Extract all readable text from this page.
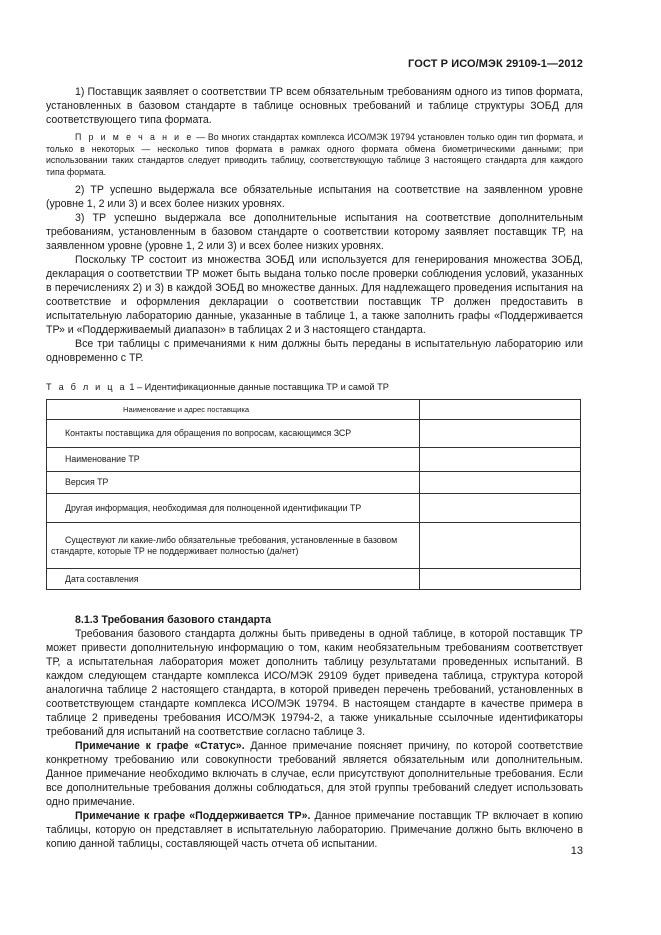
ГОСТ Р ИСО/МЭК 29109-1—2012

1) Поставщик заявляет о соответствии ТР всем обязательным требованиям одного из типов формата, установленных в базовом стандарте в таблице основных требований и таблице структуры ЗОБД для соответствующего типа формата.

П р и м е ч а н и е — Во многих стандартах комплекса ИСО/МЭК 19794 установлен только один тип формата, и только в некоторых — несколько типов формата в рамках одного формата обмена биометрическими данными; при использовании таких стандартов следует приводить таблицу, соответствующую таблице 3 настоящего стандарта для каждого типа формата.

2) ТР успешно выдержала все обязательные испытания на соответствие на заявленном уровне (уровне 1, 2 или 3) и всех более низких уровнях.

3) ТР успешно выдержала все дополнительные испытания на соответствие дополнительным требованиям, установленным в базовом стандарте о соответствии которому заявляет поставщик ТР, на заявленном уровне (уровне 1, 2 или 3) и всех более низких уровнях.

Поскольку ТР состоит из множества ЗОБД или используется для генерирования множества ЗОБД, декларация о соответствии ТР может быть выдана только после проверки соблюдения условий, указанных в перечислениях 2) и 3) в каждой ЗОБД во множестве данных. Для надлежащего проведения испытания на соответствие и оформления декларации о соответствии поставщик ТР должен предоставить в испытательную лабораторию данные, указанные в таблице 1, а также заполнить графы «Поддерживается ТР» и «Поддерживаемый диапазон» в таблицах 2 и 3 настоящего стандарта.

Все три таблицы с примечаниями к ним должны быть переданы в испытательную лабораторию или одновременно с ТР.

Т а б л и ц а 1 – Идентификационные данные поставщика ТР и самой ТР
Наименование и адрес поставщика	
Контакты поставщика для обращения по вопросам, касающимся ЗСР	
Наименование ТР	
Версия ТР	

Другая информация, необходимая для полноценной идентификации ТР	

Существуют ли какие-либо обязательные требования, установленные в базовом стандарте, которые ТР не поддерживает полностью (да/нет)	

Дата составления	

8.1.3 Требования базового стандарта

Требования базового стандарта должны быть приведены в одной таблице, в которой поставщик ТР может привести дополнительную информацию о том, каким необязательным требованиям соответствует ТР, а испытательная лаборатория может дополнить таблицу результатами проведенных испытаний. В каждом следующем стандарте комплекса ИСО/МЭК 29109 будет приведена таблица, структура которой аналогична таблице 2 настоящего стандарта, в которой приведен перечень требований, установленных в соответствующем стандарте комплекса ИСО/МЭК 19794. В настоящем стандарте в качестве примера в таблице 2 приведены требования ИСО/МЭК 19794-2, а также уникальные ссылочные идентификаторы требований для испытаний на соответствие согласно таблице 3.

Примечание к графе «Статус». Данное примечание поясняет причину, по которой соответствие конкретному требованию или совокупности требований является обязательным или дополнительным. Данное примечание необходимо включать в случае, если присутствуют дополнительные требования. Если все дополнительные требования должны соблюдаться, для этой группы требований следует использовать одно примечание.

Примечание к графе «Поддерживается ТР». Данное примечание поставщик ТР включает в копию таблицы, которую он представляет в испытательную лабораторию. Примечание должно быть включено в копию данной таблицы, составляющей часть отчета об испытании.

13
